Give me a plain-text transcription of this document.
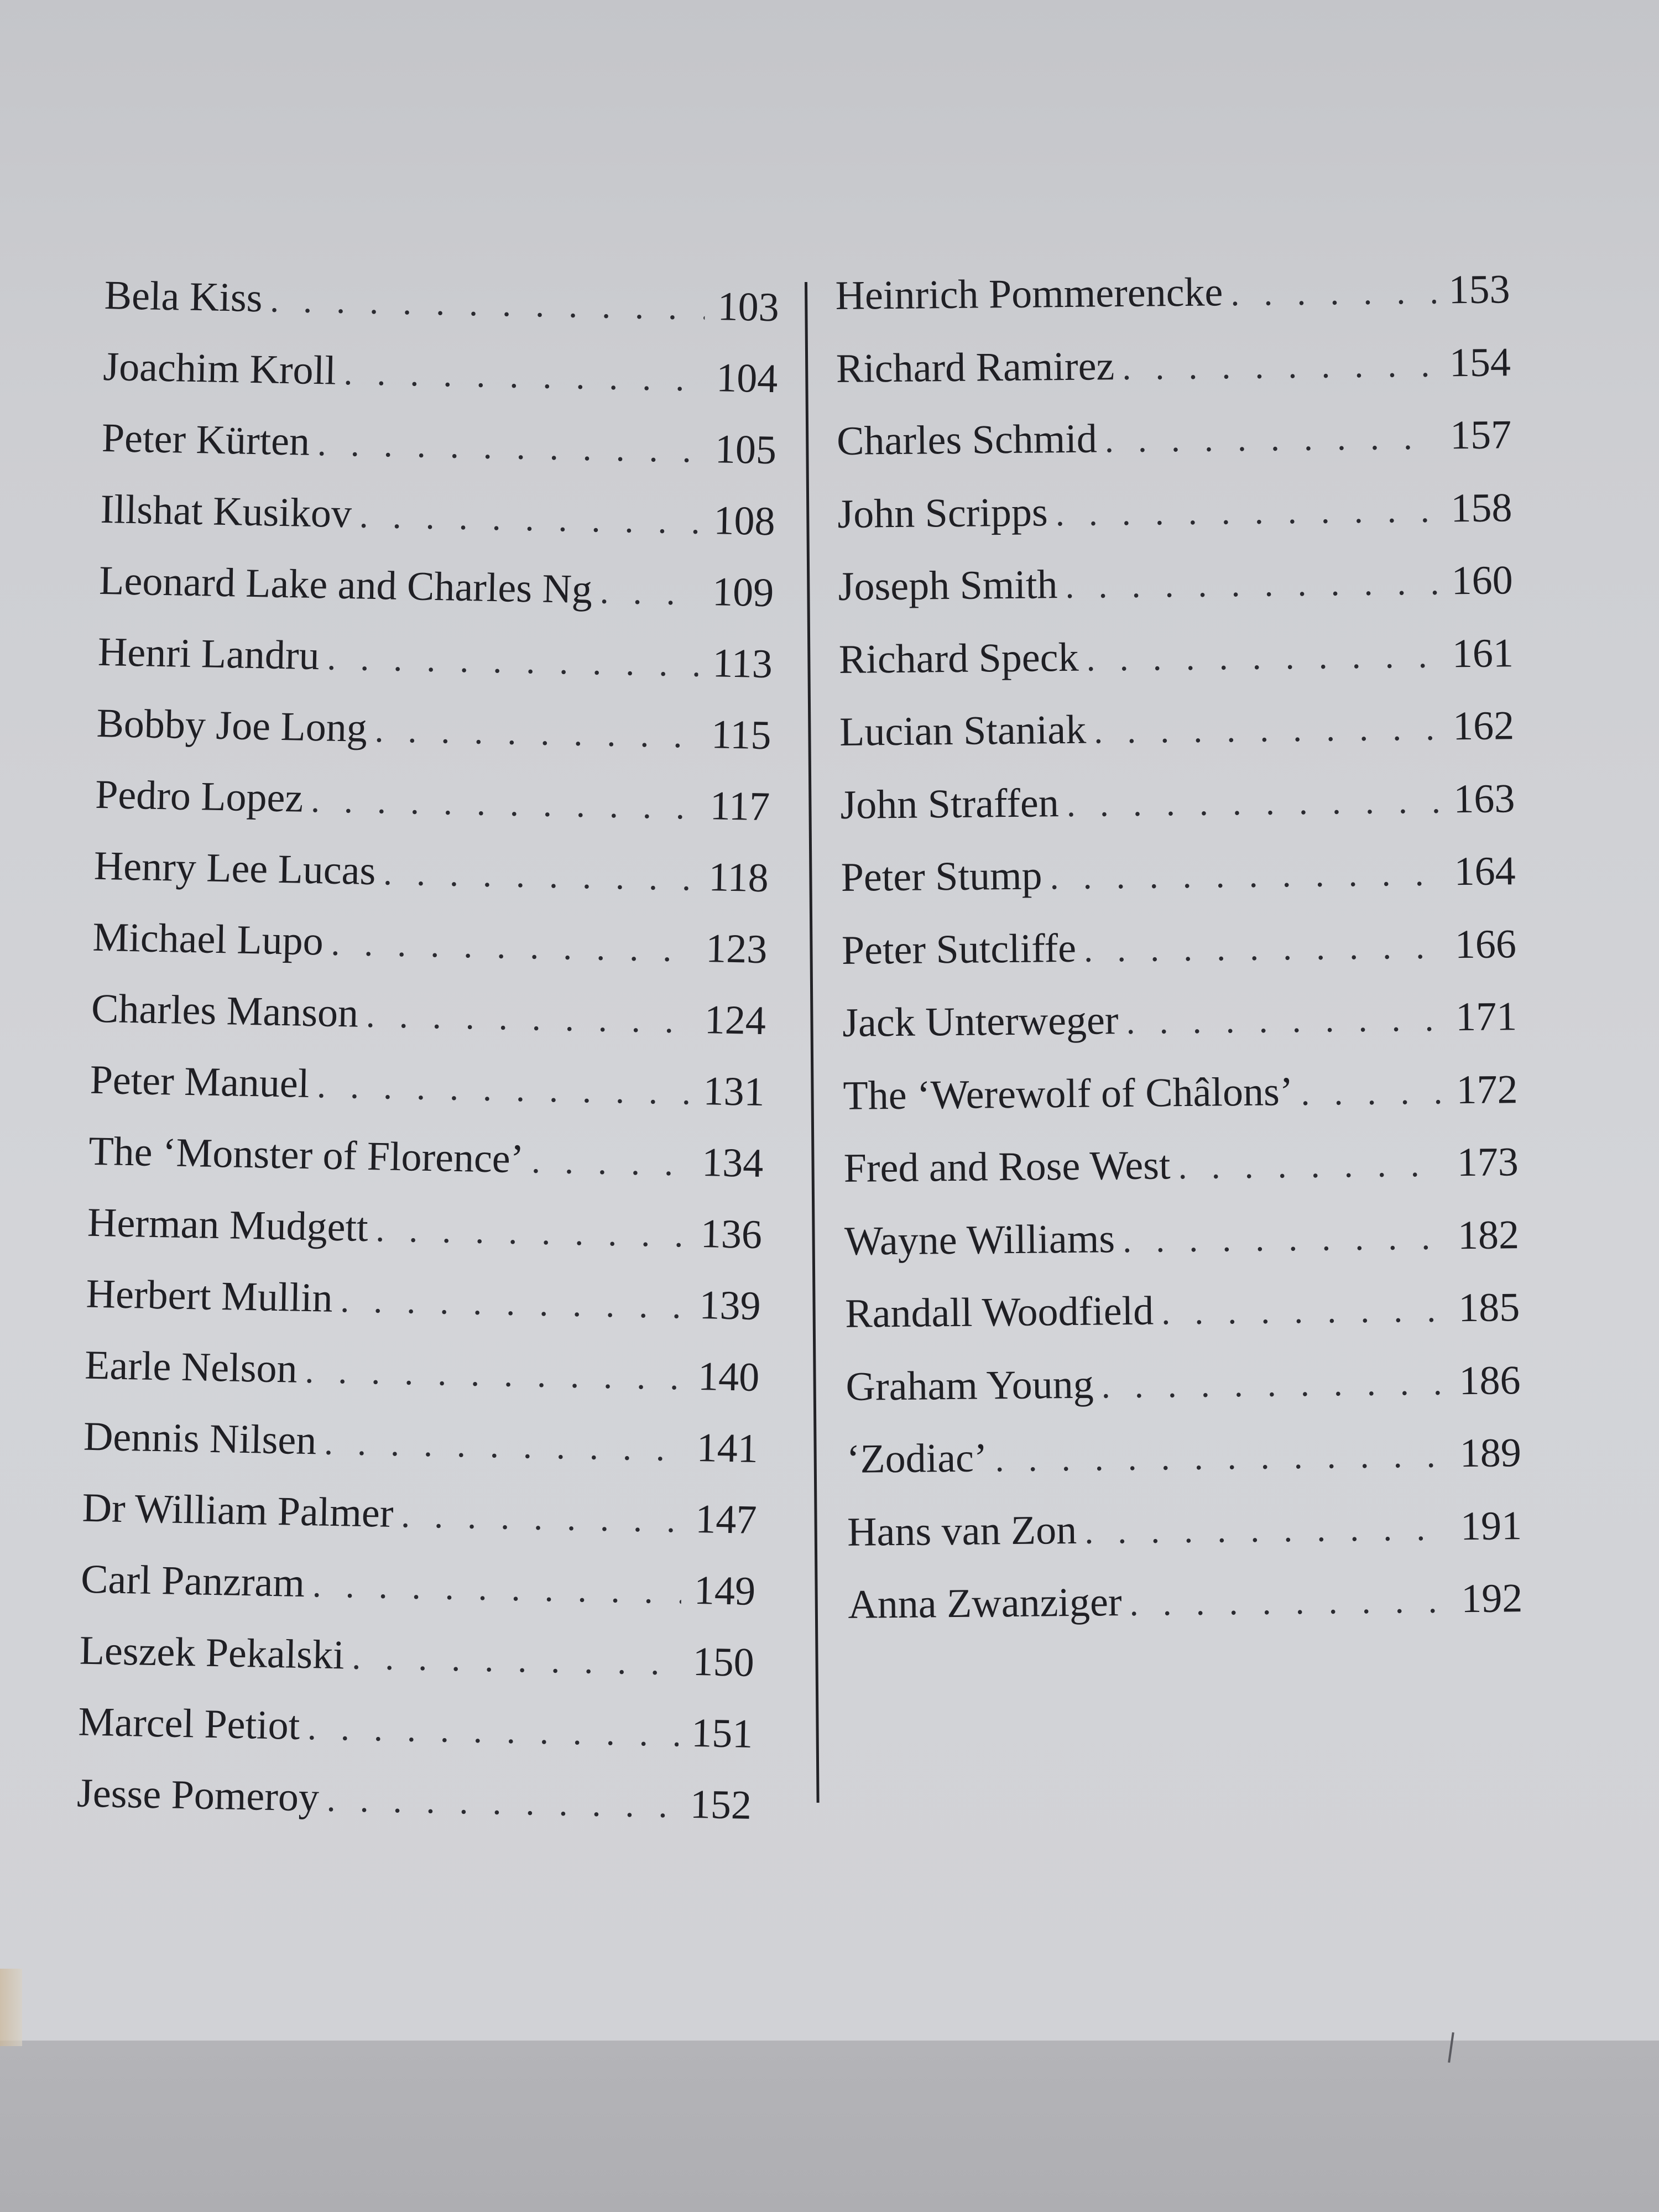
Bela Kiss . . .	103
Joachim Kroll . . .	104
Peter Kürten . . .	105
Illshat Kusikov . . .	108
Leonard Lake and Charles Ng . . .	109
Henri Landru . . .	113
Bobby Joe Long . . .	115
Pedro Lopez . . .	117
Henry Lee Lucas . . .	118
Michael Lupo . . .	123
Charles Manson . . .	124
Peter Manuel . . .	131
The ‘Monster of Florence’ . . .	134
Herman Mudgett . . .	136
Herbert Mullin . . .	139
Earle Nelson . . .	140
Dennis Nilsen . . .	141
Dr William Palmer . . .	147
Carl Panzram . . .	149
Leszek Pekalski . . .	150
Marcel Petiot . . .	151
Jesse Pomeroy . . .	152
Heinrich Pommerencke . . .	153
Richard Ramirez . . .	154
Charles Schmid . . .	157
John Scripps . . .	158
Joseph Smith . . .	160
Richard Speck . . .	161
Lucian Staniak . . .	162
John Straffen . . .	163
Peter Stump . . .	164
Peter Sutcliffe . . .	166
Jack Unterweger . . .	171
The ‘Werewolf of Châlons’ . . .	172
Fred and Rose West . . .	173
Wayne Williams . . .	182
Randall Woodfield . . .	185
Graham Young . . .	186
‘Zodiac’ . . .	189
Hans van Zon . . .	191
Anna Zwanziger . . .	192
